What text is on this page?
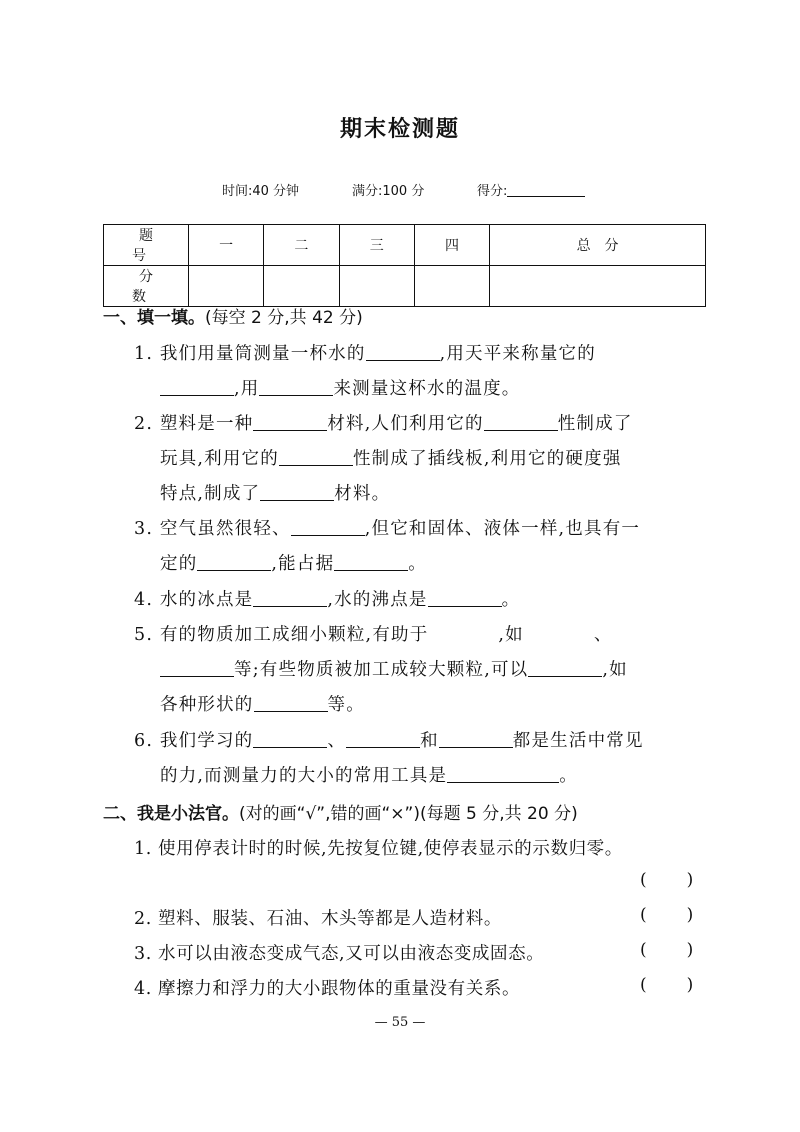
期末检测题
时间:40 分钟	满分:100 分	得分:
题　号	一	二	三	四	总　分
分　数					
一、填一填。(每空 2 分,共 42 分)
1. 我们用量筒测量一杯水的	,用天平来称量它的
,用	来测量这杯水的温度。
2. 塑料是一种	材料,人们利用它的	性制成了
玩具,利用它的	性制成了插线板,利用它的硬度强
特点,制成了	材料。
3. 空气虽然很轻、	,但它和固体、液体一样,也具有一
定的	,能占据	。
4. 水的冰点是	,水的沸点是	。
5. 有的物质加工成细小颗粒,有助于	,如	、
等;有些物质被加工成较大颗粒,可以	,如
各种形状的	等。
6. 我们学习的	、	和	都是生活中常见
的力,而测量力的大小的常用工具是	。
二、我是小法官。(对的画“√”,错的画“×”)(每题 5 分,共 20 分)
1. 使用停表计时的时候,先按复位键,使停表显示的示数归零。
( )
2. 塑料、服装、石油、木头等都是人造材料。	( )
3. 水可以由液态变成气态,又可以由液态变成固态。	( )
4. 摩擦力和浮力的大小跟物体的重量没有关系。	( )
— 55 —
